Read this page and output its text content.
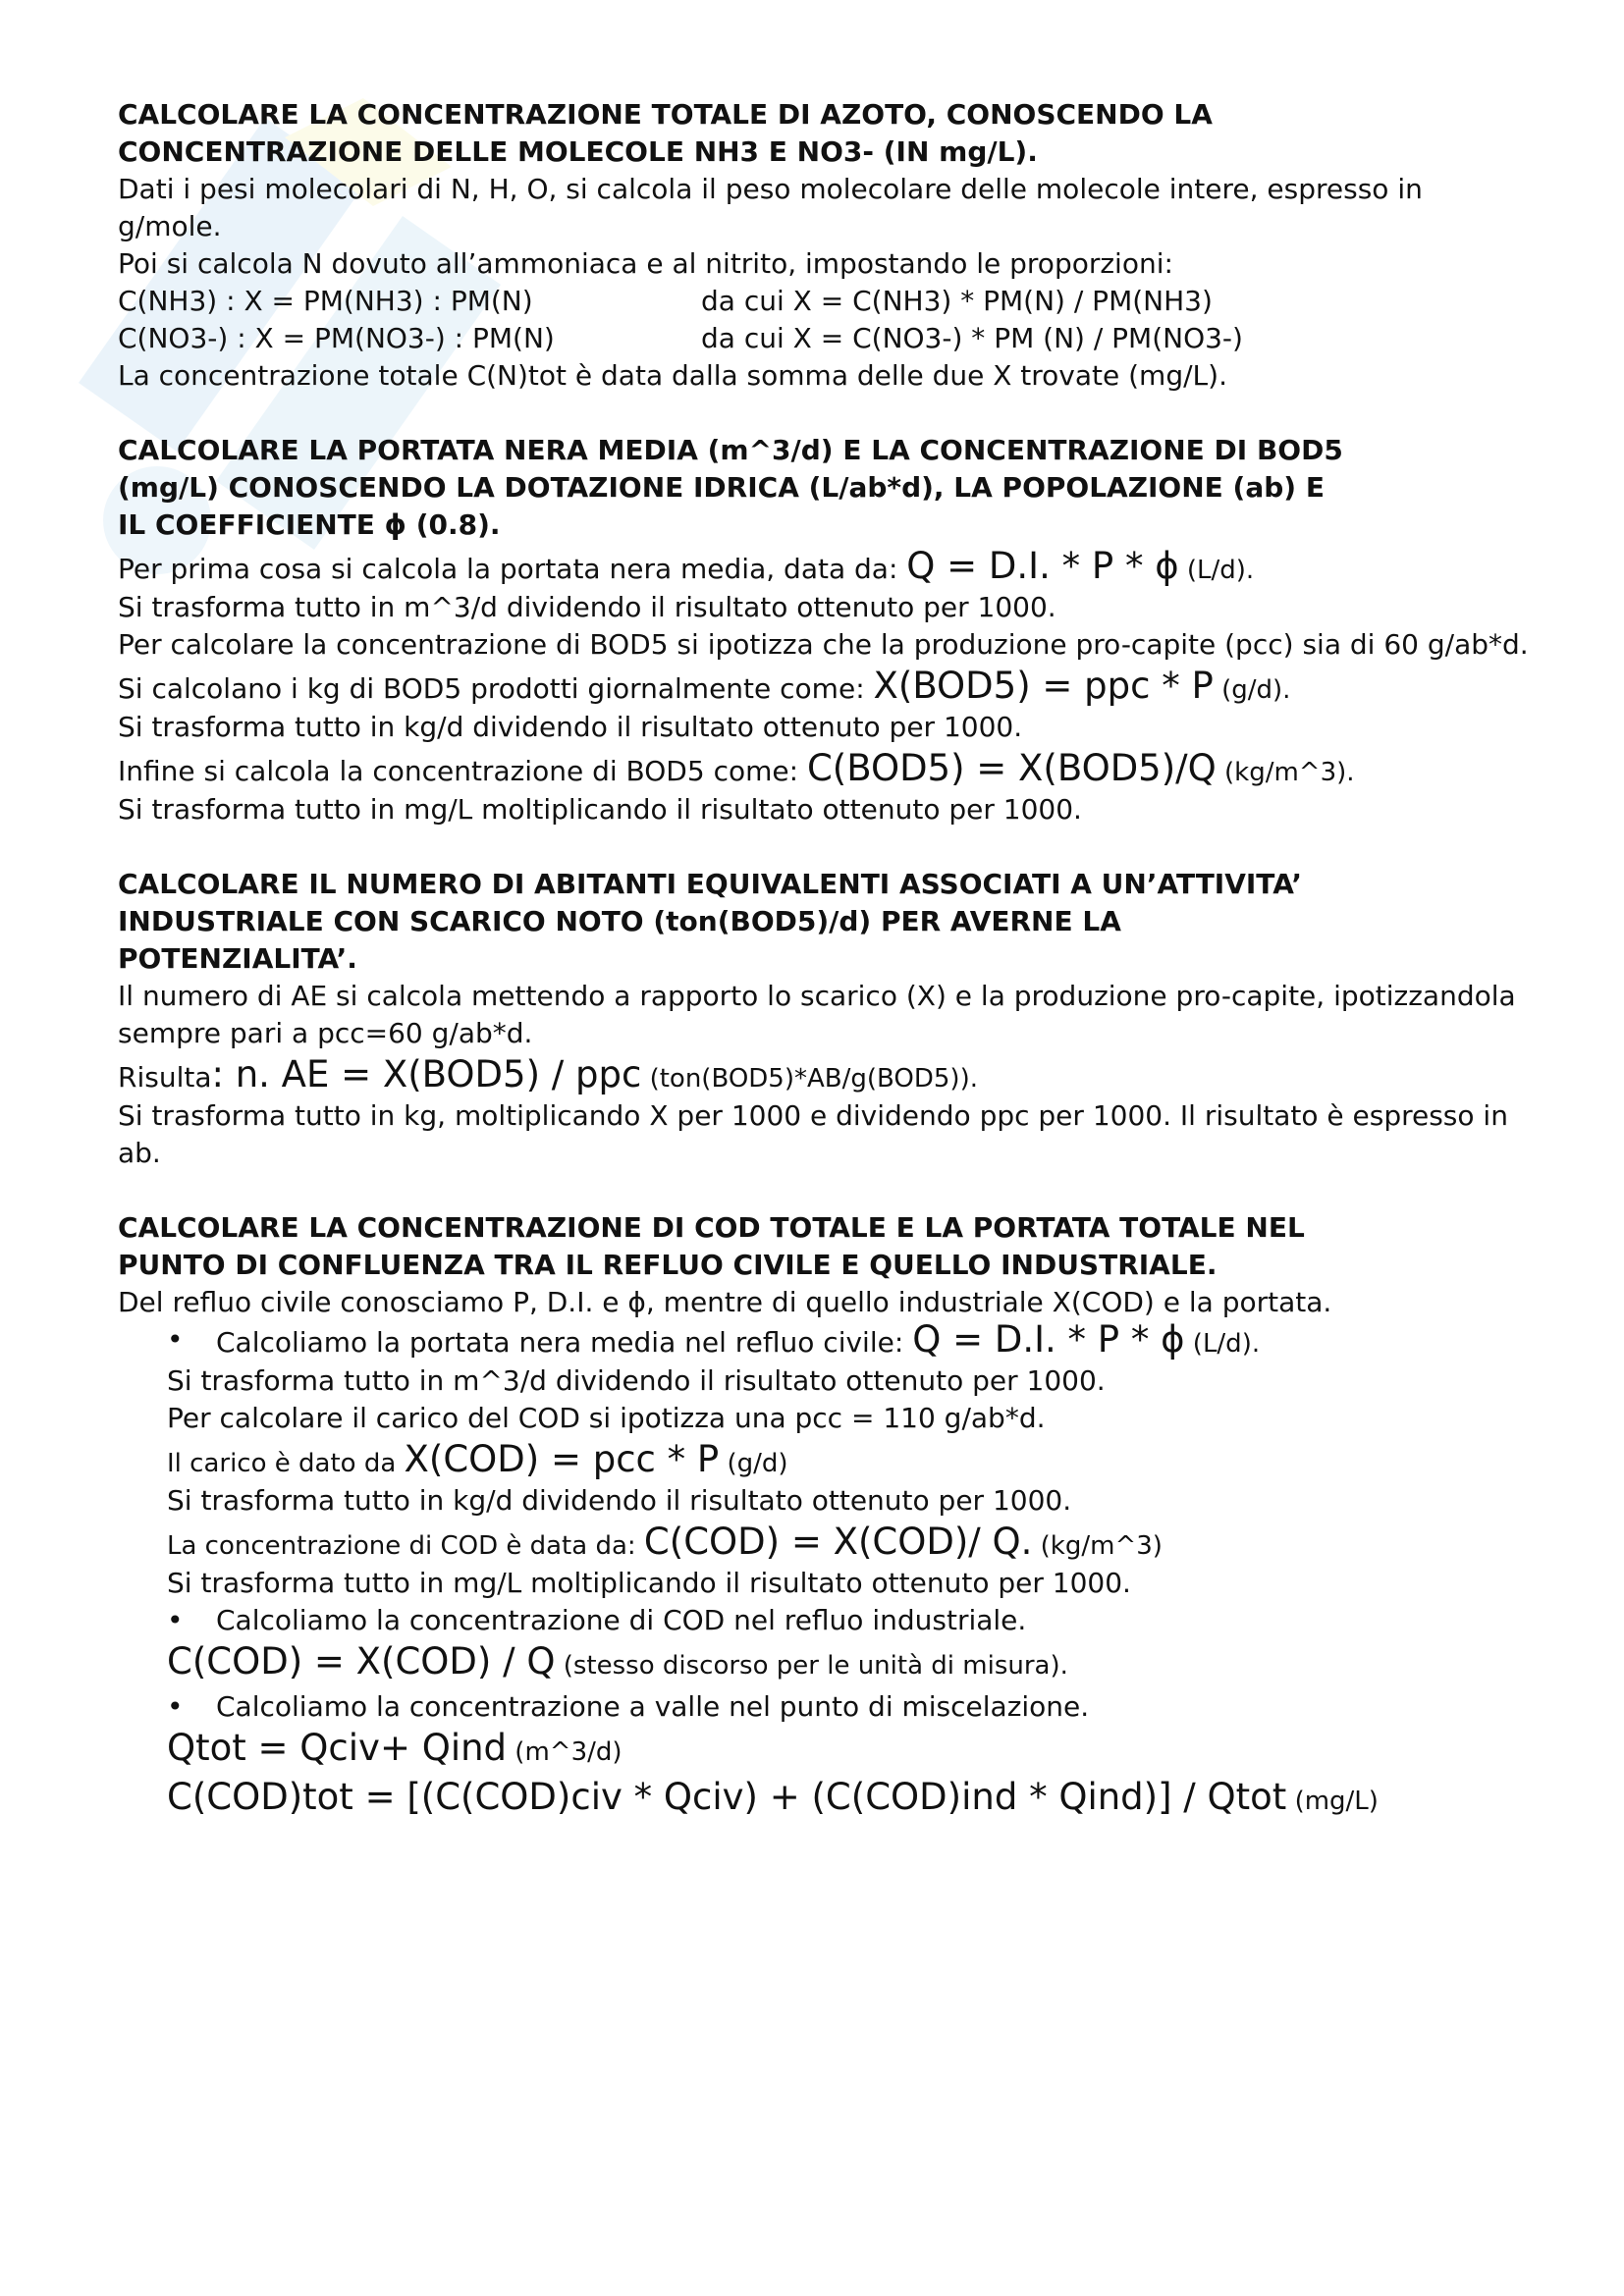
CALCOLARE LA CONCENTRAZIONE TOTALE DI AZOTO, CONOSCENDO LA
CONCENTRAZIONE DELLE MOLECOLE NH3 E NO3- (IN mg/L).

Dati i pesi molecolari di N, H, O, si calcola il peso molecolare delle molecole intere, espresso in g/mole.

Poi si calcola N dovuto all’ammoniaca e al nitrito, impostando le proporzioni:

C(NH3) : X = PM(NH3) : PM(N)	da cui X = C(NH3) * PM(N) / PM(NH3)
C(NO3-) : X = PM(NO3-) : PM(N)	da cui X = C(NO3-) * PM (N) / PM(NO3-)

La concentrazione totale C(N)tot è data dalla somma delle due X trovate (mg/L).

CALCOLARE LA PORTATA NERA MEDIA (m^3/d) E LA CONCENTRAZIONE DI BOD5
(mg/L) CONOSCENDO LA DOTAZIONE IDRICA (L/ab*d), LA POPOLAZIONE (ab) E
IL COEFFICIENTE ϕ (0.8).

Per prima cosa si calcola la portata nera media, data da: Q = D.I. * P * ϕ (L/d).

Si trasforma tutto in m^3/d dividendo il risultato ottenuto per 1000.

Per calcolare la concentrazione di BOD5 si ipotizza che la produzione pro-capite (pcc) sia di 60 g/ab*d.

Si calcolano i kg di BOD5 prodotti giornalmente come: X(BOD5) = ppc * P (g/d).

Si trasforma tutto in kg/d dividendo il risultato ottenuto per 1000.

Infine si calcola la concentrazione di BOD5 come: C(BOD5) = X(BOD5)/Q (kg/m^3).

Si trasforma tutto in mg/L moltiplicando il risultato ottenuto per 1000.

CALCOLARE IL NUMERO DI ABITANTI EQUIVALENTI ASSOCIATI A UN’ATTIVITA’
INDUSTRIALE CON SCARICO NOTO (ton(BOD5)/d) PER AVERNE LA
POTENZIALITA’.

Il numero di AE si calcola mettendo a rapporto lo scarico (X) e la produzione pro-capite, ipotizzandola sempre pari a pcc=60 g/ab*d.

Risulta: n. AE = X(BOD5) / ppc (ton(BOD5)*AB/g(BOD5)).

Si trasforma tutto in kg, moltiplicando X per 1000 e dividendo ppc per 1000. Il risultato è espresso in ab.

CALCOLARE LA CONCENTRAZIONE DI COD TOTALE E LA PORTATA TOTALE NEL
PUNTO DI CONFLUENZA TRA IL REFLUO CIVILE E QUELLO INDUSTRIALE.

Del refluo civile conosciamo P, D.I. e ϕ, mentre di quello industriale X(COD) e la portata.

• Calcoliamo la portata nera media nel refluo civile: Q = D.I. * P * ϕ (L/d).

Si trasforma tutto in m^3/d dividendo il risultato ottenuto per 1000.

Per calcolare il carico del COD si ipotizza una pcc = 110 g/ab*d.

Il carico è dato da X(COD) = pcc * P (g/d)

Si trasforma tutto in kg/d dividendo il risultato ottenuto per 1000.

La concentrazione di COD è data da: C(COD) = X(COD)/ Q. (kg/m^3)

Si trasforma tutto in mg/L moltiplicando il risultato ottenuto per 1000.

• Calcoliamo la concentrazione di COD nel refluo industriale.

C(COD) = X(COD) / Q (stesso discorso per le unità di misura).

• Calcoliamo la concentrazione a valle nel punto di miscelazione.

Qtot = Qciv+ Qind (m^3/d)

C(COD)tot = [(C(COD)civ * Qciv) + (C(COD)ind * Qind)] / Qtot (mg/L)
